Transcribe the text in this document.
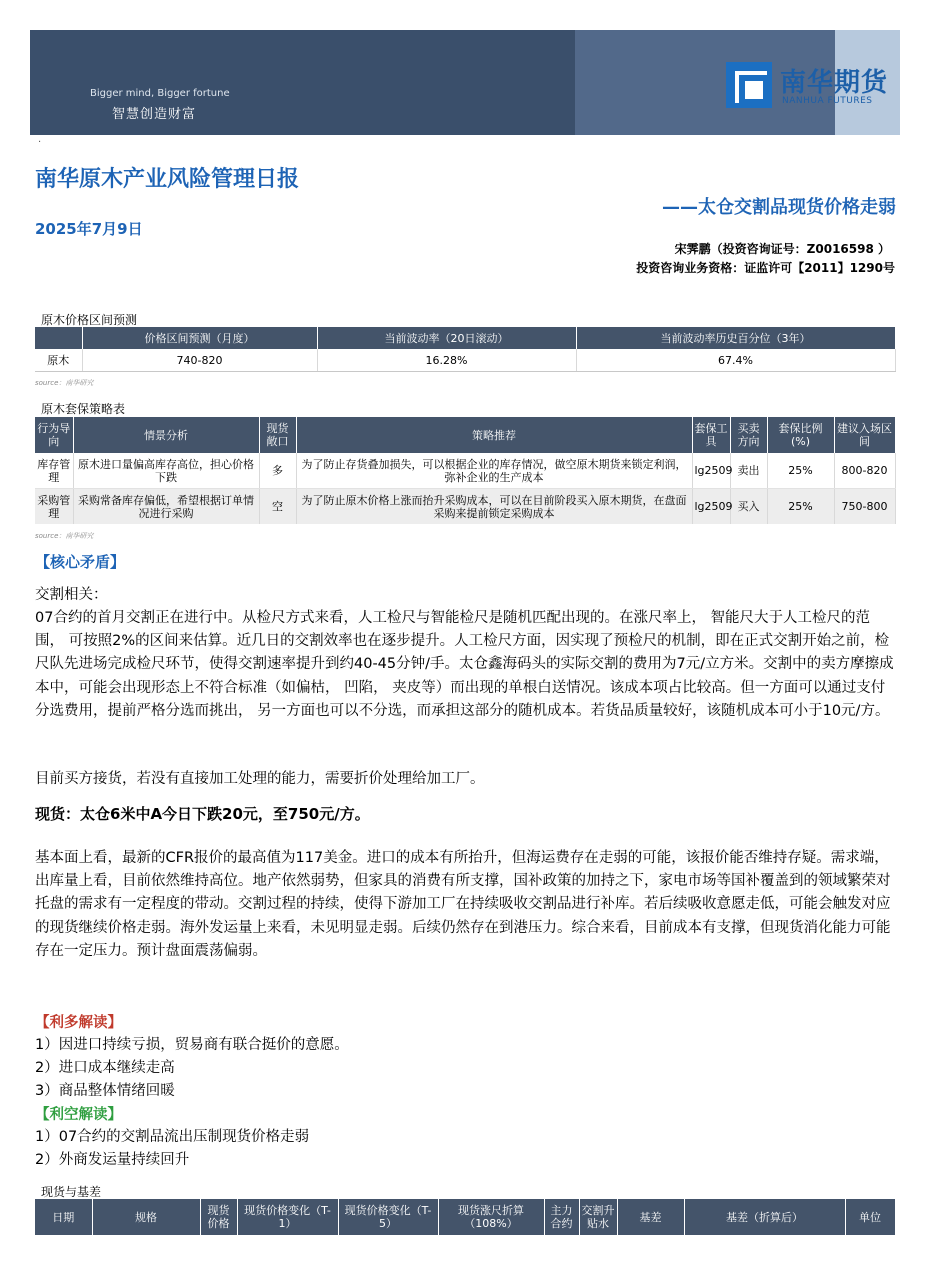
Bigger mind, Bigger fortune
智慧创造财富
南华期货
NANHUA FUTURES
·
南华原木产业风险管理日报
——太仓交割品现货价格走弱
2025年7月9日
宋霁鹏（投资咨询证号：Z0016598 ）
投资咨询业务资格：证监许可【2011】1290号
原木价格区间预测
	价格区间预测（月度）	当前波动率（20日滚动）	当前波动率历史百分位（3年）
原木	740-820	16.28%	67.4%
source：南华研究
原木套保策略表
行为导向	情景分析	现货敞口	策略推荐	套保工具	买卖方向	套保比例(%)	建议入场区间
库存管理	原木进口量偏高库存高位，担心价格下跌	多	为了防止存货叠加损失，可以根据企业的库存情况，做空原木期货来锁定利润，弥补企业的生产成本	lg2509	卖出	25%	800-820
采购管理	采购常备库存偏低，希望根据订单情况进行采购	空	为了防止原木价格上涨而抬升采购成本，可以在目前阶段买入原木期货，在盘面采购来提前锁定采购成本	lg2509	买入	25%	750-800
source：南华研究
【核心矛盾】
交割相关：
07合约的首月交割正在进行中。从检尺方式来看，人工检尺与智能检尺是随机匹配出现的。在涨尺率上， 智能尺大于人工检尺的范围， 可按照2%的区间来估算。近几日的交割效率也在逐步提升。人工检尺方面，因实现了预检尺的机制，即在正式交割开始之前，检尺队先进场完成检尺环节，使得交割速率提升到约40-45分钟/手。太仓鑫海码头的实际交割的费用为7元/立方米。交割中的卖方摩擦成本中，可能会出现形态上不符合标准（如偏枯， 凹陷， 夹皮等）而出现的单根白送情况。该成本项占比较高。但一方面可以通过支付分选费用，提前严格分选而挑出， 另一方面也可以不分选，而承担这部分的随机成本。若货品质量较好，该随机成本可小于10元/方。
目前买方接货，若没有直接加工处理的能力，需要折价处理给加工厂。
现货：太仓6米中A今日下跌20元，至750元/方。
基本面上看，最新的CFR报价的最高值为117美金。进口的成本有所抬升，但海运费存在走弱的可能，该报价能否维持存疑。需求端，出库量上看，目前依然维持高位。地产依然弱势，但家具的消费有所支撑，国补政策的加持之下，家电市场等国补覆盖到的领域繁荣对托盘的需求有一定程度的带动。交割过程的持续，使得下游加工厂在持续吸收交割品进行补库。若后续吸收意愿走低，可能会触发对应的现货继续价格走弱。海外发运量上来看，未见明显走弱。后续仍然存在到港压力。综合来看，目前成本有支撑，但现货消化能力可能存在一定压力。预计盘面震荡偏弱。
【利多解读】
1）因进口持续亏损，贸易商有联合挺价的意愿。
2）进口成本继续走高
3）商品整体情绪回暖
【利空解读】
1）07合约的交割品流出压制现货价格走弱
2）外商发运量持续回升
现货与基差
日期	规格	现货价格	现货价格变化（T-1）	现货价格变化（T-5）	现货涨尺折算（108%）	主力合约	交割升贴水	基差	基差（折算后）	单位
